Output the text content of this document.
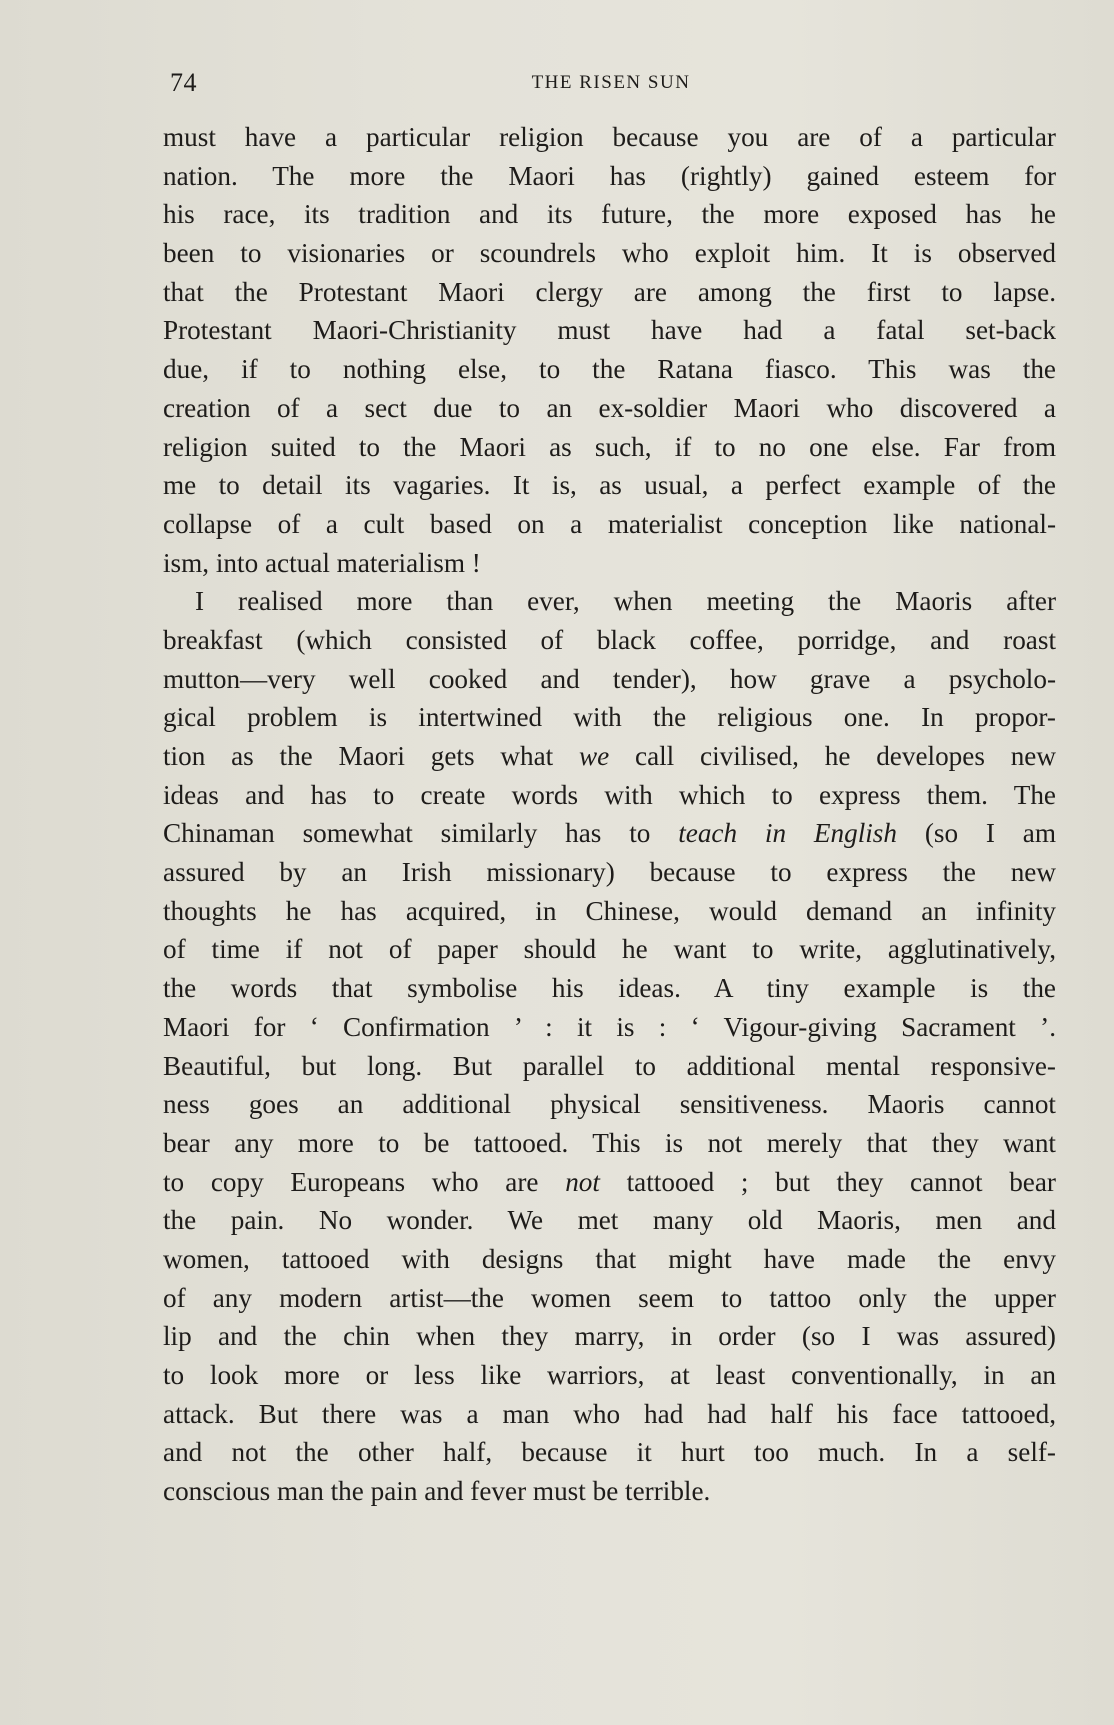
74	THE RISEN SUN
must have a particular religion because you are of a particular
nation. The more the Maori has (rightly) gained esteem for
his race, its tradition and its future, the more exposed has he
been to visionaries or scoundrels who exploit him. It is observed
that the Protestant Maori clergy are among the first to lapse.
Protestant Maori-Christianity must have had a fatal set-back
due, if to nothing else, to the Ratana fiasco. This was the
creation of a sect due to an ex-soldier Maori who discovered a
religion suited to the Maori as such, if to no one else. Far from
me to detail its vagaries. It is, as usual, a perfect example of the
collapse of a cult based on a materialist conception like national-
ism, into actual materialism !
I realised more than ever, when meeting the Maoris after
breakfast (which consisted of black coffee, porridge, and roast
mutton—very well cooked and tender), how grave a psycholo-
gical problem is intertwined with the religious one. In propor-
tion as the Maori gets what we call civilised, he developes new
ideas and has to create words with which to express them. The
Chinaman somewhat similarly has to teach in English (so I am
assured by an Irish missionary) because to express the new
thoughts he has acquired, in Chinese, would demand an infinity
of time if not of paper should he want to write, agglutinatively,
the words that symbolise his ideas. A tiny example is the
Maori for ‘ Confirmation ’ : it is : ‘ Vigour-giving Sacrament ’.
Beautiful, but long. But parallel to additional mental responsive-
ness goes an additional physical sensitiveness. Maoris cannot
bear any more to be tattooed. This is not merely that they want
to copy Europeans who are not tattooed ; but they cannot bear
the pain. No wonder. We met many old Maoris, men and
women, tattooed with designs that might have made the envy
of any modern artist—the women seem to tattoo only the upper
lip and the chin when they marry, in order (so I was assured)
to look more or less like warriors, at least conventionally, in an
attack. But there was a man who had had half his face tattooed,
and not the other half, because it hurt too much. In a self-
conscious man the pain and fever must be terrible.
